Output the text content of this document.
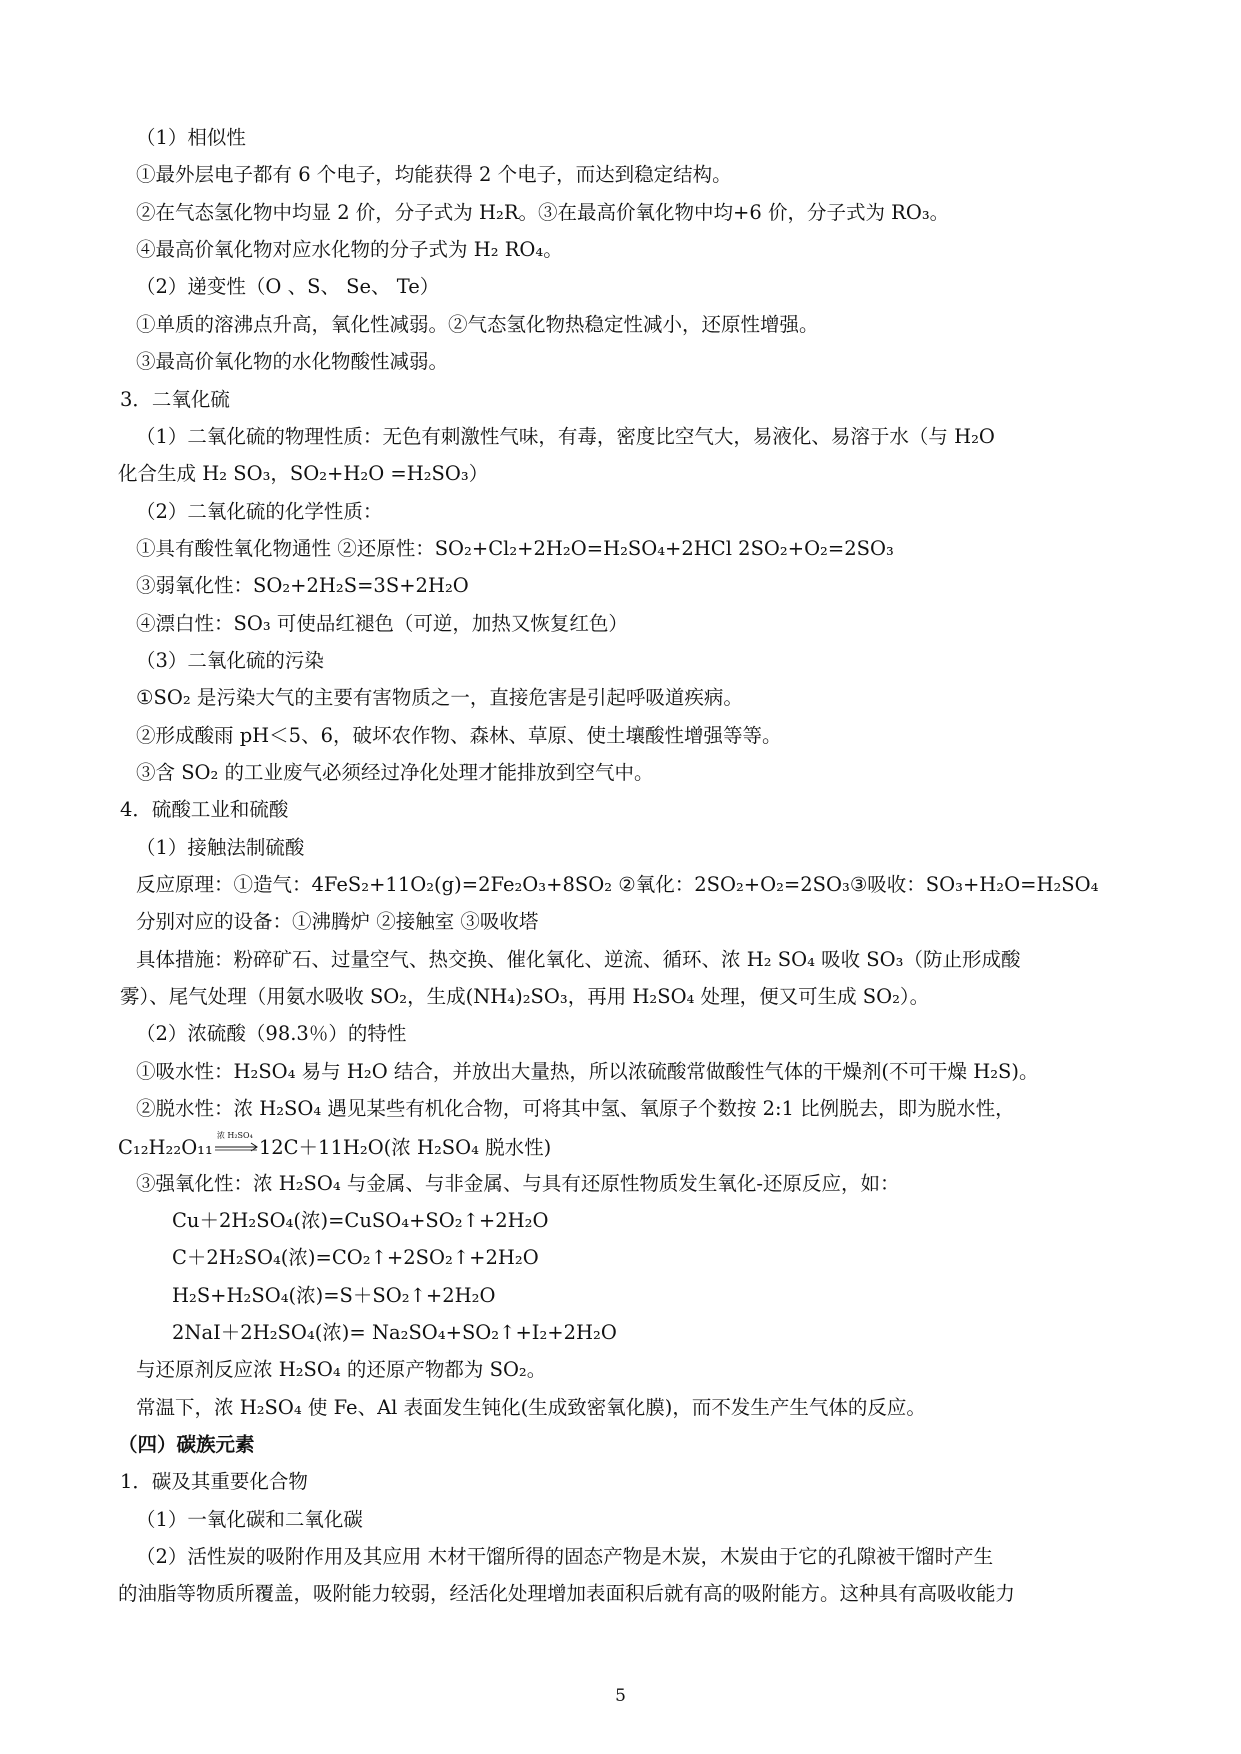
（1）相似性
①最外层电子都有 6 个电子，均能获得 2 个电子，而达到稳定结构。
②在气态氢化物中均显 2 价，分子式为 H₂R。③在最高价氧化物中均+6 价，分子式为 RO₃。
④最高价氧化物对应水化物的分子式为 H₂ RO₄。
（2）递变性（O 、S、 Se、 Te）
①单质的溶沸点升高，氧化性减弱。②气态氢化物热稳定性减小，还原性增强。
③最高价氧化物的水化物酸性减弱。
3．二氧化硫
（1）二氧化硫的物理性质：无色有刺激性气味，有毒，密度比空气大，易液化、易溶于水（与 H₂O
化合生成 H₂ SO₃，SO₂+H₂O =H₂SO₃）
（2）二氧化硫的化学性质：
①具有酸性氧化物通性 ②还原性：SO₂+Cl₂+2H₂O=H₂SO₄+2HCl 2SO₂+O₂=2SO₃
③弱氧化性：SO₂+2H₂S=3S+2H₂O
④漂白性：SO₃ 可使品红褪色（可逆，加热又恢复红色）
（3）二氧化硫的污染
①SO₂ 是污染大气的主要有害物质之一，直接危害是引起呼吸道疾病。
②形成酸雨 pH＜5、6，破坏农作物、森林、草原、使土壤酸性增强等等。
③含 SO₂ 的工业废气必须经过净化处理才能排放到空气中。
4．硫酸工业和硫酸
（1）接触法制硫酸
反应原理：①造气：4FeS₂+11O₂(g)=2Fe₂O₃+8SO₂ ②氧化：2SO₂+O₂=2SO₃③吸收：SO₃+H₂O=H₂SO₄
分别对应的设备：①沸腾炉 ②接触室 ③吸收塔
具体措施：粉碎矿石、过量空气、热交换、催化氧化、逆流、循环、浓 H₂ SO₄ 吸收 SO₃（防止形成酸
雾）、尾气处理（用氨水吸收 SO₂，生成(NH₄)₂SO₃，再用 H₂SO₄ 处理，便又可生成 SO₂）。
（2）浓硫酸（98.3％）的特性
①吸水性：H₂SO₄ 易与 H₂O 结合，并放出大量热，所以浓硫酸常做酸性气体的干燥剂(不可干燥 H₂S)。
②脱水性：浓 H₂SO₄ 遇见某些有机化合物，可将其中氢、氧原子个数按 2:1 比例脱去，即为脱水性，
C₁₂H₂₂O₁₁
浓 H₂SO₄
12C＋11H₂O(浓 H₂SO₄ 脱水性)
③强氧化性：浓 H₂SO₄ 与金属、与非金属、与具有还原性物质发生氧化-还原反应，如：
Cu＋2H₂SO₄(浓)=CuSO₄+SO₂↑+2H₂O
C＋2H₂SO₄(浓)=CO₂↑+2SO₂↑+2H₂O
H₂S+H₂SO₄(浓)=S＋SO₂↑+2H₂O
2NaI＋2H₂SO₄(浓)= Na₂SO₄+SO₂↑+I₂+2H₂O
与还原剂反应浓 H₂SO₄ 的还原产物都为 SO₂。
常温下，浓 H₂SO₄ 使 Fe、Al 表面发生钝化(生成致密氧化膜)，而不发生产生气体的反应。
（四）碳族元素
1．碳及其重要化合物
（1）一氧化碳和二氧化碳
（2）活性炭的吸附作用及其应用 木材干馏所得的固态产物是木炭，木炭由于它的孔隙被干馏时产生
的油脂等物质所覆盖，吸附能力较弱，经活化处理增加表面积后就有高的吸附能方。这种具有高吸收能力
5
